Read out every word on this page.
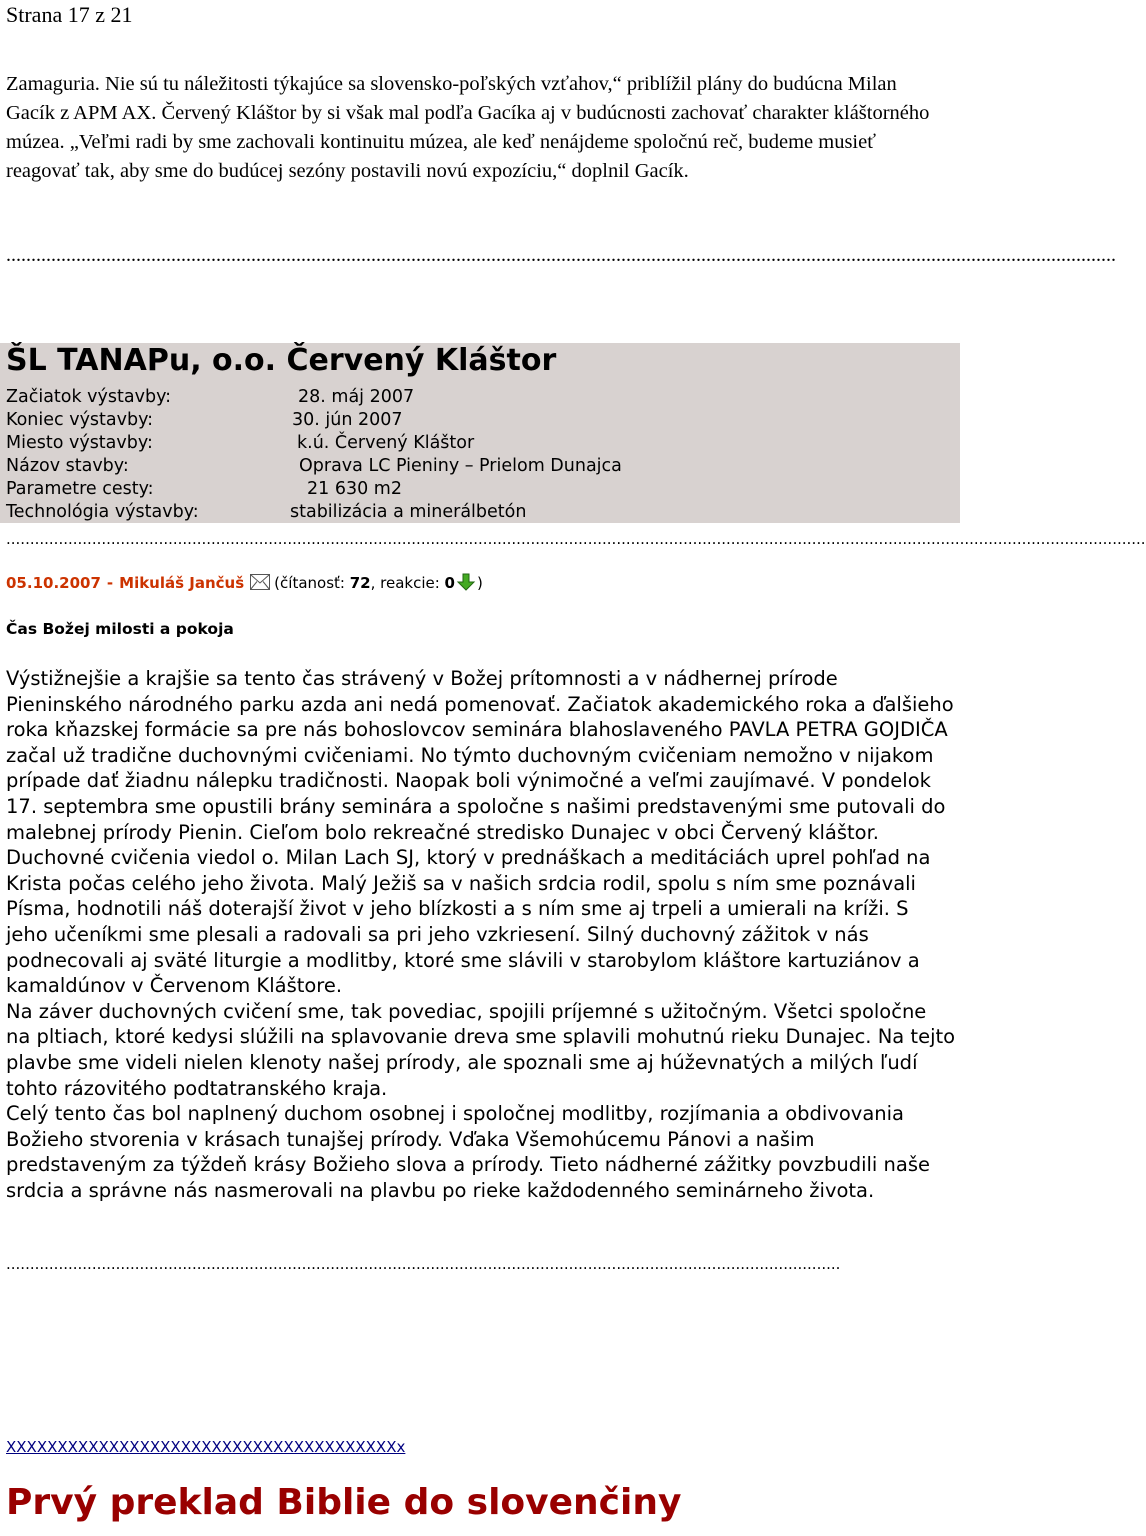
Strana 17 z 21

Zamaguria. Nie sú tu náležitosti týkajúce sa slovensko-poľských vzťahov,“ priblížil plány do budúcna Milan Gacík z APM AX. Červený Kláštor by si však mal podľa Gacíka aj v budúcnosti zachovať charakter kláštorného múzea. „Veľmi radi by sme zachovali kontinuitu múzea, ale keď nenájdeme spoločnú reč, budeme musieť reagovať tak, aby sme do budúcej sezóny postavili novú expozíciu,“ doplnil Gacík.

..............................................................................................................................................................................................................................
ŠL TANAPu, o.o. Červený Kláštor
Začiatok výstavby:	28. máj 2007
Koniec výstavby:	30. jún 2007
Miesto výstavby:	k.ú. Červený Kláštor
Názov stavby:	Oprava LC Pieniny – Prielom Dunajca
Parametre cesty:	21 630 m2
Technológia výstavby:	stabilizácia a minerálbetón
...............................................................................................................................................................................................................................................
05.10.2007 - Mikuláš Jančuš (čítanosť: 72, reakcie: 0 )
Čas Božej milosti a pokoja

Výstižnejšie a krajšie sa tento čas strávený v Božej prítomnosti a v nádhernej prírode Pieninského národného parku azda ani nedá pomenovať. Začiatok akademického roka a ďalšieho roka kňazskej formácie sa pre nás bohoslovcov seminára blahoslaveného PAVLA PETRA GOJDIČA začal už tradične duchovnými cvičeniami. No týmto duchovným cvičeniam nemožno v nijakom prípade dať žiadnu nálepku tradičnosti. Naopak boli výnimočné a veľmi zaujímavé. V pondelok 17. septembra sme opustili brány seminára a spoločne s našimi predstavenými sme putovali do malebnej prírody Pienin. Cieľom bolo rekreačné stredisko Dunajec v obci Červený kláštor.

Duchovné cvičenia viedol o. Milan Lach SJ, ktorý v prednáškach a meditáciách uprel pohľad na Krista počas celého jeho života. Malý Ježiš sa v našich srdcia rodil, spolu s ním sme poznávali Písma, hodnotili náš doterajší život v jeho blízkosti a s ním sme aj trpeli a umierali na kríži. S jeho učeníkmi sme plesali a radovali sa pri jeho vzkriesení. Silný duchovný zážitok v nás podnecovali aj sväté liturgie a modlitby, ktoré sme slávili v starobylom kláštore kartuziánov a kamaldúnov v Červenom Kláštore.

Na záver duchovných cvičení sme, tak povediac, spojili príjemné s užitočným. Všetci spoločne na pltiach, ktoré kedysi slúžili na splavovanie dreva sme splavili mohutnú rieku Dunajec. Na tejto plavbe sme videli nielen klenoty našej prírody, ale spoznali sme aj húževnatých a milých ľudí tohto rázovitého podtatranského kraja.

Celý tento čas bol naplnený duchom osobnej i spoločnej modlitby, rozjímania a obdivovania Božieho stvorenia v krásach tunajšej prírody. Vďaka Všemohúcemu Pánovi a našim predstaveným za týždeň krásy Božieho slova a prírody. Tieto nádherné zážitky povzbudili naše srdcia a správne nás nasmerovali na plavbu po rieke každodenného seminárneho života.

...............................................................................................................................................................................
XXXXXXXXXXXXXXXXXXXXXXXXXXXXXXXXXXXXXXx
Prvý preklad Biblie do slovenčiny
